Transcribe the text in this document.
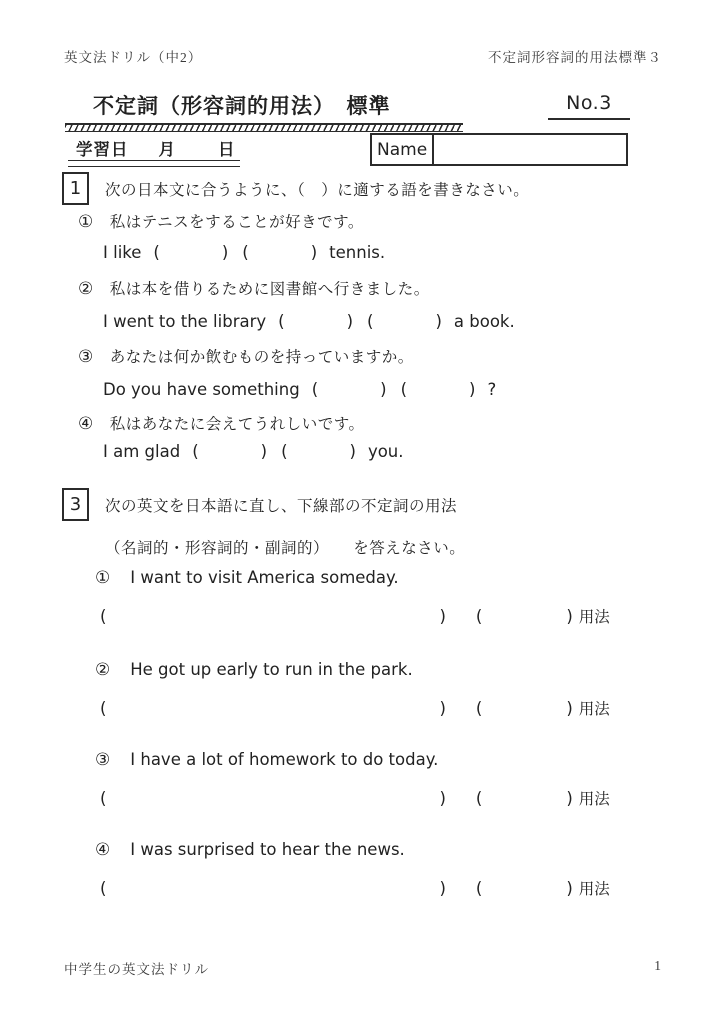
英文法ドリル（中2）	不定詞形容詞的用法標準３
不定詞（形容詞的用法）　標準	No.3
学習日 月	日	Name
1	次の日本文に合うように、（　）に適する語を書きなさい。
① 私はテニスをすることが好きです。
I like (	) (	) tennis.
② 私は本を借りるために図書館へ行きました。
I went to the library (	) (	) a book.
③ あなたは何か飲むものを持っていますか。
Do you have something (	) (	) ?
④ 私はあなたに会えてうれしいです。
I am glad (	) (	) you.
3	次の英文を日本語に直し、下線部の不定詞の用法
（名詞的・形容詞的・副詞的）　　を答えなさい。
① I want to visit America someday.
(	) (	) 用法
② He got up early to run in the park.
(	) (	) 用法
③ I have a lot of homework to do today.
(	) (	) 用法
④ I was surprised to hear the news.
(	) (	) 用法
中学生の英文法ドリル	1
